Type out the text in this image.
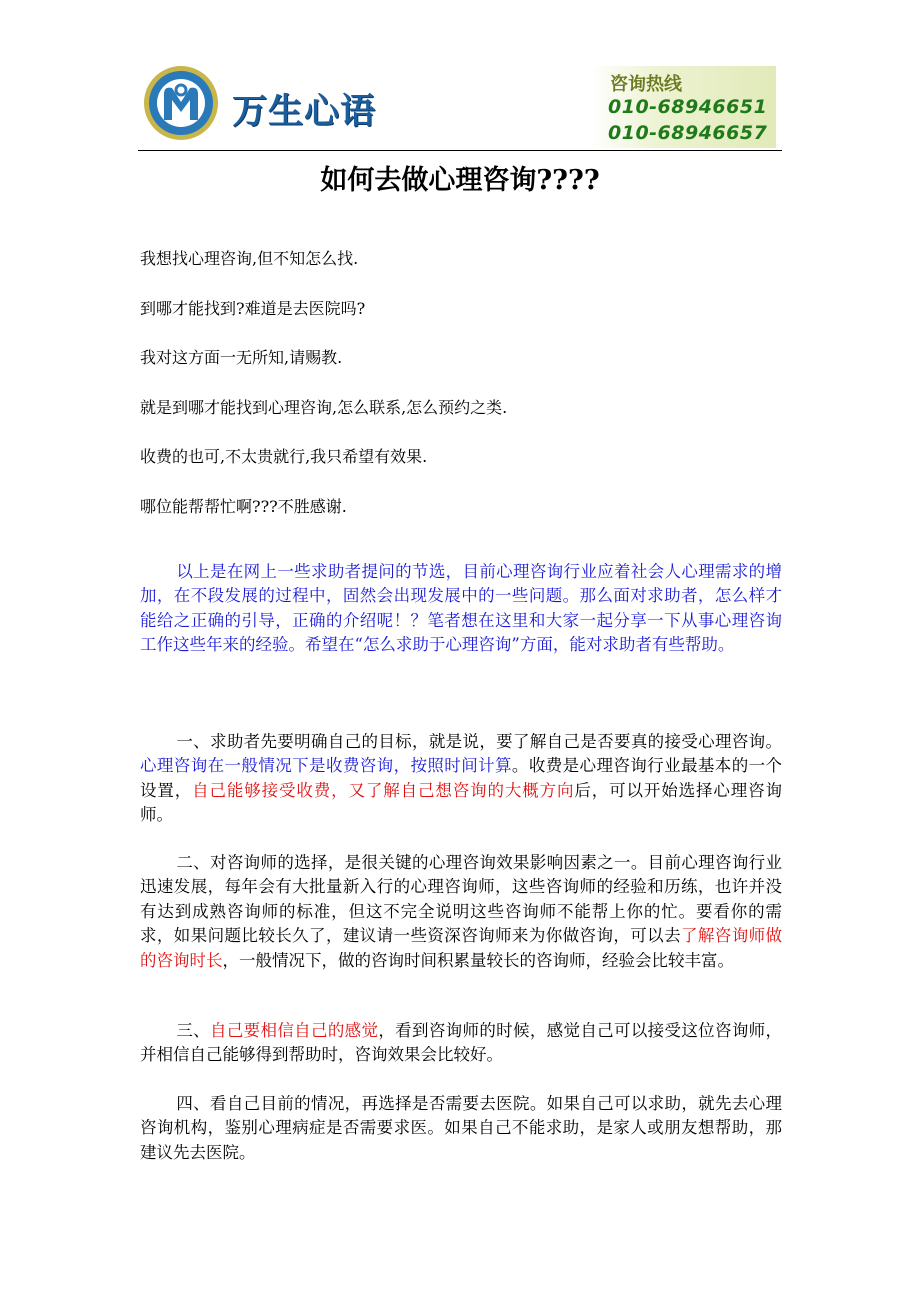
万生心语
咨询热线
010-68946651
010-68946657
如何去做心理咨询????
我想找心理咨询,但不知怎么找.
到哪才能找到?难道是去医院吗?
我对这方面一无所知,请赐教.
就是到哪才能找到心理咨询,怎么联系,怎么预约之类.
收费的也可,不太贵就行,我只希望有效果.
哪位能帮帮忙啊???不胜感谢.
以上是在网上一些求助者提问的节选，目前心理咨询行业应着社会人心理需求的增加，在不段发展的过程中，固然会出现发展中的一些问题。那么面对求助者，怎么样才能给之正确的引导，正确的介绍呢！？笔者想在这里和大家一起分享一下从事心理咨询工作这些年来的经验。希望在“怎么求助于心理咨询”方面，能对求助者有些帮助。
一、求助者先要明确自己的目标，就是说，要了解自己是否要真的接受心理咨询。心理咨询在一般情况下是收费咨询，按照时间计算。收费是心理咨询行业最基本的一个设置，自己能够接受收费，又了解自己想咨询的大概方向后，可以开始选择心理咨询师。
二、对咨询师的选择，是很关键的心理咨询效果影响因素之一。目前心理咨询行业迅速发展，每年会有大批量新入行的心理咨询师，这些咨询师的经验和历练，也许并没有达到成熟咨询师的标准，但这不完全说明这些咨询师不能帮上你的忙。要看你的需求，如果问题比较长久了，建议请一些资深咨询师来为你做咨询，可以去了解咨询师做的咨询时长，一般情况下，做的咨询时间积累量较长的咨询师，经验会比较丰富。
三、自己要相信自己的感觉，看到咨询师的时候，感觉自己可以接受这位咨询师，并相信自己能够得到帮助时，咨询效果会比较好。
四、看自己目前的情况，再选择是否需要去医院。如果自己可以求助，就先去心理咨询机构，鉴别心理病症是否需要求医。如果自己不能求助，是家人或朋友想帮助，那建议先去医院。
